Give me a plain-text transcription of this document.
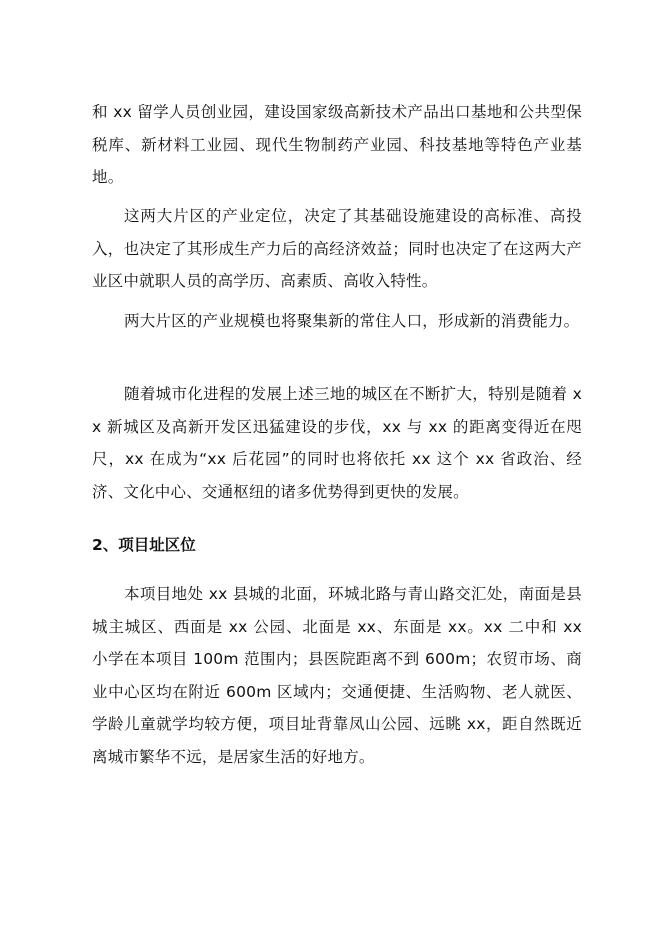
和 xx 留学人员创业园，建设国家级高新技术产品出口基地和公共型保税库、新材料工业园、现代生物制药产业园、科技基地等特色产业基地。

这两大片区的产业定位，决定了其基础设施建设的高标准、高投入，也决定了其形成生产力后的高经济效益；同时也决定了在这两大产业区中就职人员的高学历、高素质、高收入特性。

两大片区的产业规模也将聚集新的常住人口，形成新的消费能力。

随着城市化进程的发展上述三地的城区在不断扩大，特别是随着 xx 新城区及高新开发区迅猛建设的步伐，xx 与 xx 的距离变得近在咫尺，xx 在成为“xx 后花园”的同时也将依托 xx 这个 xx 省政治、经济、文化中心、交通枢纽的诸多优势得到更快的发展。

2、项目址区位

本项目地处 xx 县城的北面，环城北路与青山路交汇处，南面是县城主城区、西面是 xx 公园、北面是 xx、东面是 xx。xx 二中和 xx 小学在本项目 100m 范围内；县医院距离不到 600m；农贸市场、商业中心区均在附近 600m 区域内；交通便捷、生活购物、老人就医、学龄儿童就学均较方便，项目址背靠凤山公园、远眺 xx，距自然既近离城市繁华不远，是居家生活的好地方。
